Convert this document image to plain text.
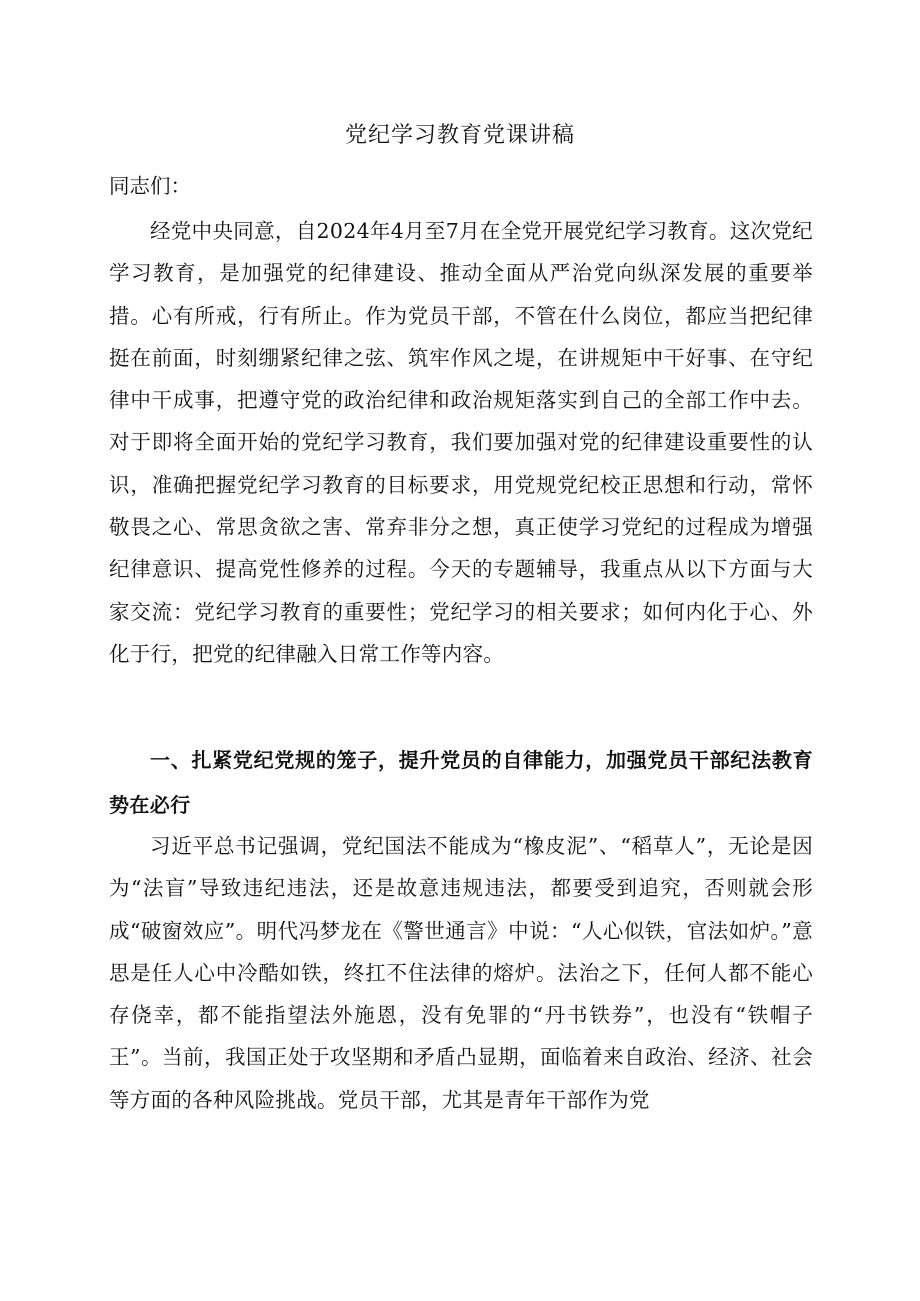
党纪学习教育党课讲稿
同志们：

经党中央同意，自2024年4月至7月在全党开展党纪学习教育。这次党纪学习教育，是加强党的纪律建设、推动全面从严治党向纵深发展的重要举措。心有所戒，行有所止。作为党员干部，不管在什么岗位，都应当把纪律挺在前面，时刻绷紧纪律之弦、筑牢作风之堤，在讲规矩中干好事、在守纪律中干成事，把遵守党的政治纪律和政治规矩落实到自己的全部工作中去。对于即将全面开始的党纪学习教育，我们要加强对党的纪律建设重要性的认识，准确把握党纪学习教育的目标要求，用党规党纪校正思想和行动，常怀敬畏之心、常思贪欲之害、常弃非分之想，真正使学习党纪的过程成为增强纪律意识、提高党性修养的过程。今天的专题辅导，我重点从以下方面与大家交流：党纪学习教育的重要性；党纪学习的相关要求；如何内化于心、外化于行，把党的纪律融入日常工作等内容。

一、扎紧党纪党规的笼子，提升党员的自律能力，加强党员干部纪法教育势在必行

习近平总书记强调，党纪国法不能成为“橡皮泥”、“稻草人”，无论是因为“法盲”导致违纪违法，还是故意违规违法，都要受到追究，否则就会形成“破窗效应”。明代冯梦龙在《警世通言》中说：“人心似铁，官法如炉。”意思是任人心中冷酷如铁，终扛不住法律的熔炉。法治之下，任何人都不能心存侥幸，都不能指望法外施恩，没有免罪的“丹书铁券”，也没有“铁帽子王”。当前，我国正处于攻坚期和矛盾凸显期，面临着来自政治、经济、社会等方面的各种风险挑战。党员干部，尤其是青年干部作为党
